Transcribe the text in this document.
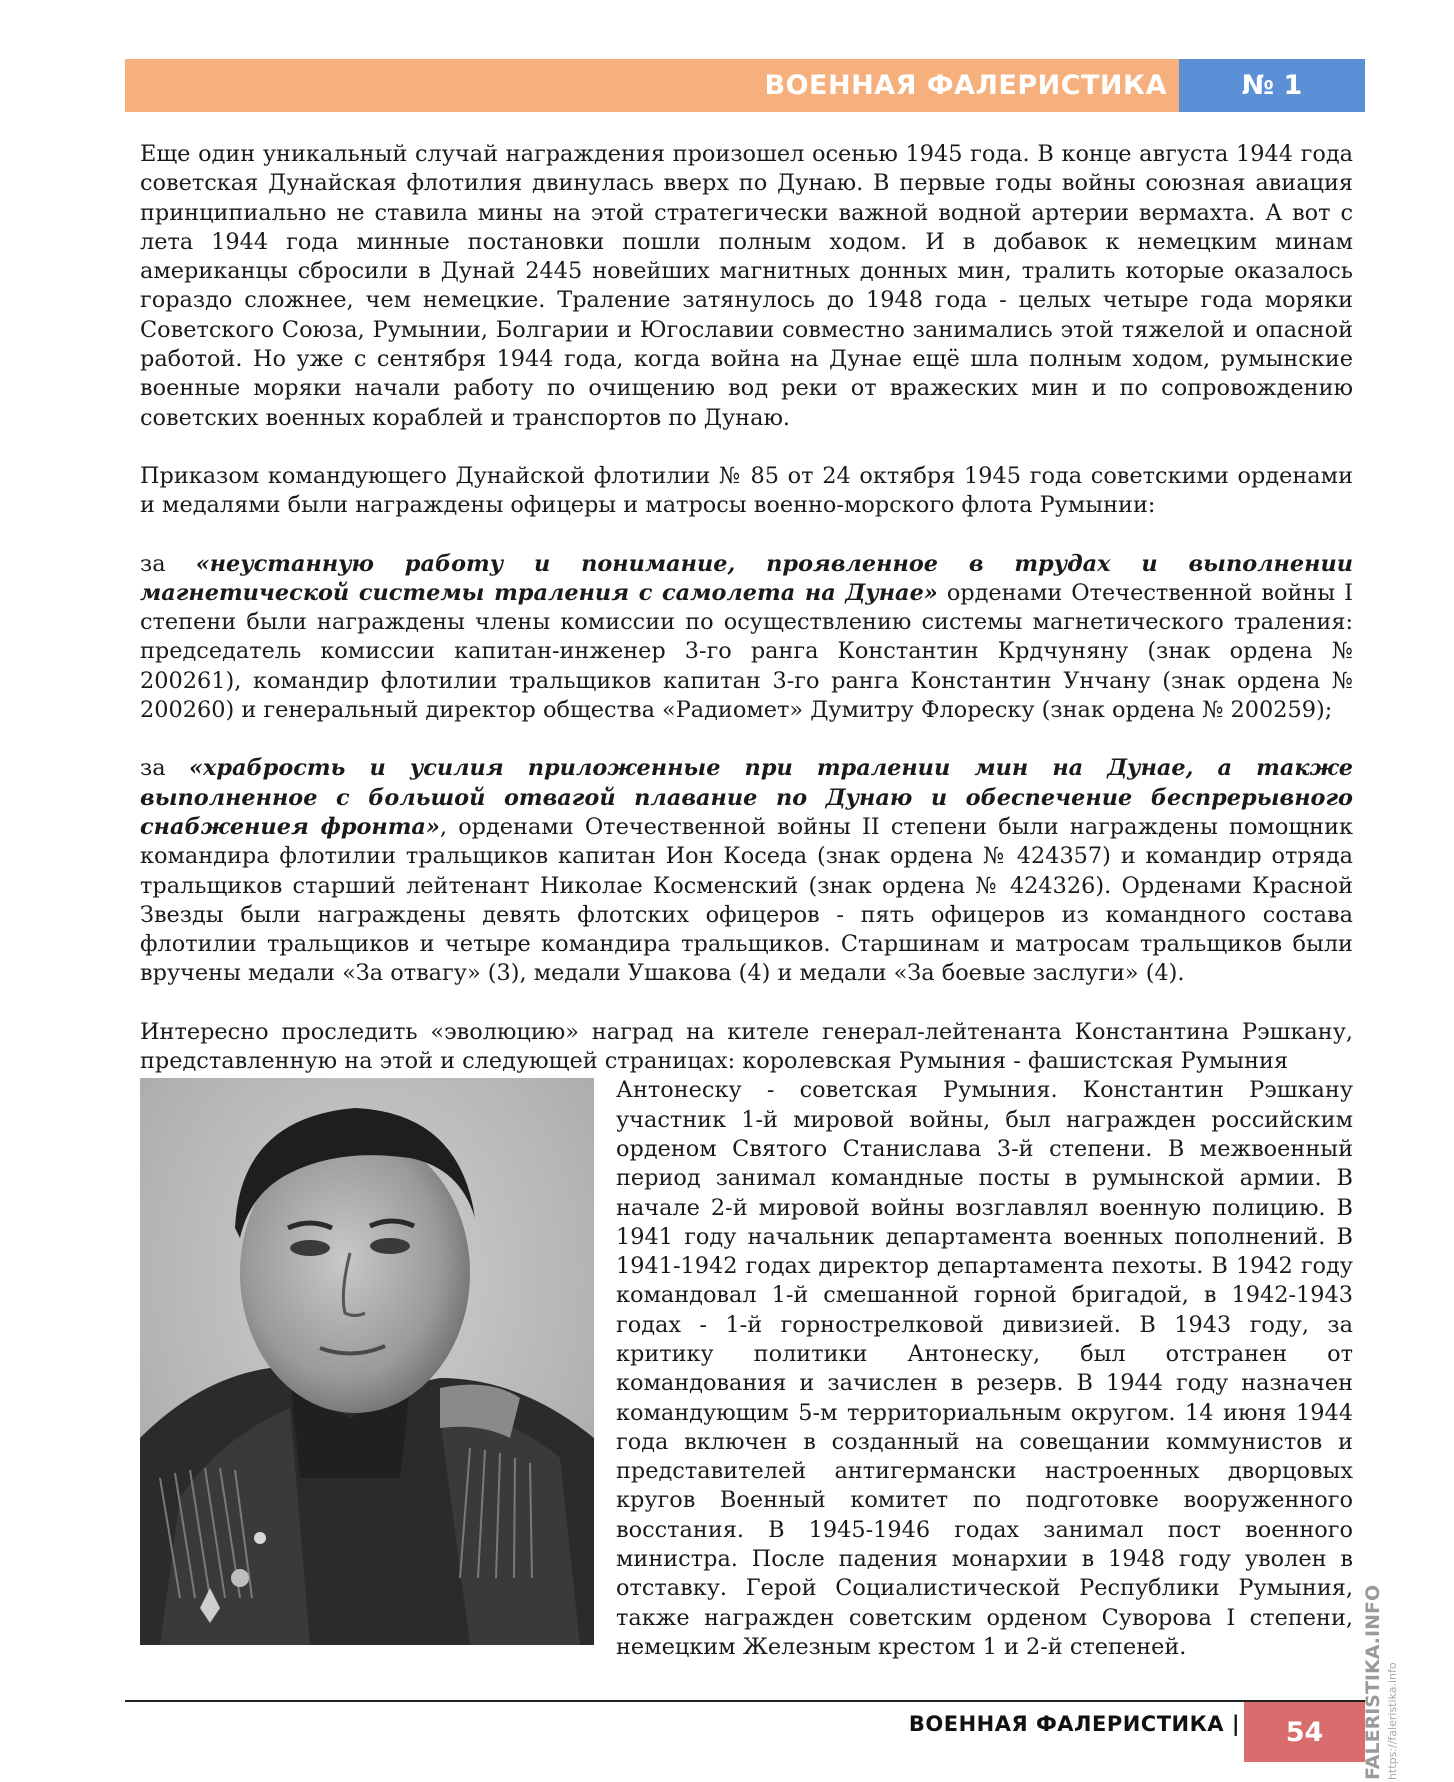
ВОЕННАЯ ФАЛЕРИСТИКА	№ 1

Еще один уникальный случай награждения произошел осенью 1945 года. В конце августа 1944 года советская Дунайская флотилия двинулась вверх по Дунаю. В первые годы войны союзная авиация принципиально не ставила мины на этой стратегически важной водной артерии вермахта. А вот с лета 1944 года минные постановки пошли полным ходом. И в добавок к немецким минам американцы сбросили в Дунай 2445 новейших магнитных донных мин, тралить которые оказалось гораздо сложнее, чем немецкие. Траление затянулось до 1948 года - целых четыре года моряки Советского Союза, Румынии, Болгарии и Югославии совместно занимались этой тяжелой и опасной работой. Но уже с сентября 1944 года, когда война на Дунае ещё шла полным ходом, румынские военные моряки начали работу по очищению вод реки от вражеских мин и по сопровождению советских военных кораблей и транспортов по Дунаю.

Приказом командующего Дунайской флотилии № 85 от 24 октября 1945 года советскими орденами и медалями были награждены офицеры и матросы военно-морского флота Румынии:

за «неустанную работу и понимание, проявленное в трудах и выполнении магнетической системы траления с самолета на Дунае» орденами Отечественной войны I степени были награждены члены комиссии по осуществлению системы магнетического траления: председатель комиссии капитан-инженер 3-го ранга Константин Крдчуняну (знак ордена № 200261), командир флотилии тральщиков капитан 3-го ранга Константин Унчану (знак ордена № 200260) и генеральный директор общества «Радиомет» Думитру Флореску (знак ордена № 200259);

за «храбрость и усилия приложенные при тралении мин на Дунае, а также выполненное с большой отвагой плавание по Дунаю и обеспечение беспрерывного снабжениея фронта», орденами Отечественной войны II степени были награждены помощник командира флотилии тральщиков капитан Ион Коседа (знак ордена № 424357) и командир отряда тральщиков старший лейтенант Николае Косменский (знак ордена № 424326). Орденами Красной Звезды были награждены девять флотских офицеров - пять офицеров из командного состава флотилии тральщиков и четыре командира тральщиков. Старшинам и матросам тральщиков были вручены медали «За отвагу» (3), медали Ушакова (4) и медали «За боевые заслуги» (4).

Интересно проследить «эволюцию» наград на кителе генерал-лейтенанта Константина Рэшкану, представленную на этой и следующей страницах: королевская Румыния - фашистская Румыния

Антонеску - советская Румыния. Константин Рэшкану участник 1-й мировой войны, был награжден российским орденом Святого Станислава 3-й степени. В межвоенный период занимал командные посты в румынской армии. В начале 2-й мировой войны возглавлял военную полицию. В 1941 году начальник департамента военных пополнений. В 1941-1942 годах директор департамента пехоты. В 1942 году командовал 1-й смешанной горной бригадой, в 1942-1943 годах - 1-й горнострелковой дивизией. В 1943 году, за критику политики Антонеску, был отстранен от командования и зачислен в резерв. В 1944 году назначен командующим 5-м территориальным округом. 14 июня 1944 года включен в созданный на совещании коммунистов и представителей антигермански настроенных дворцовых кругов Военный комитет по подготовке вооруженного восстания. В 1945-1946 годах занимал пост военного министра. После падения монархии в 1948 году уволен в отставку. Герой Социалистической Республики Румыния, также награжден советским орденом Суворова I степени, немецким Железным крестом 1 и 2-й степеней.

ВОЕННАЯ ФАЛЕРИСТИКА |	54	FALERISTIKA.INFO https://faleristika.info
